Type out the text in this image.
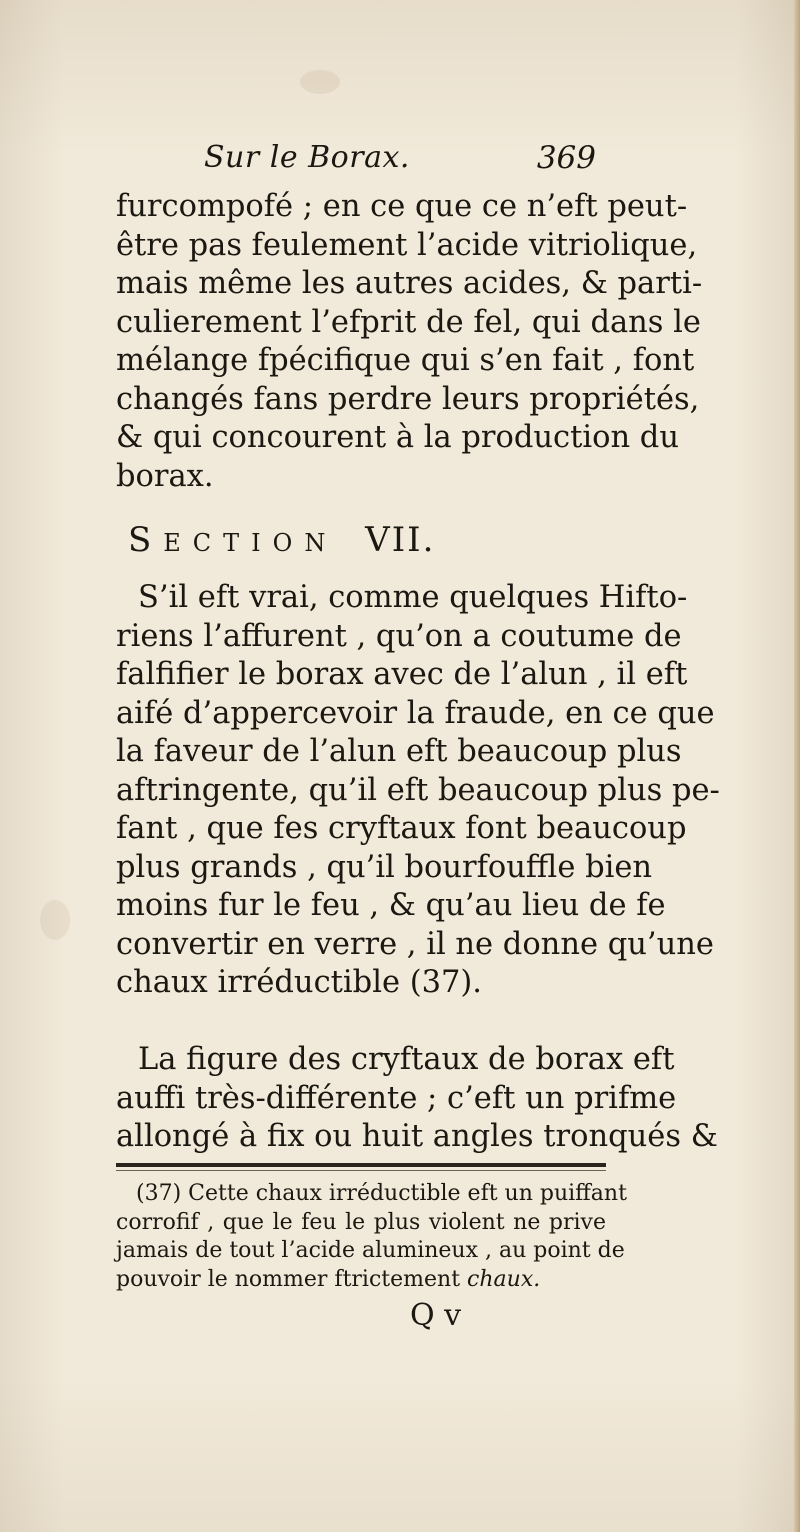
Sur le Borax.	369
furcompofé ; en ce que ce n’eft peut-
être pas feulement l’acide vitriolique,
mais même les autres acides, & parti-
culierement l’efprit de fel, qui dans le
mélange fpécifique qui s’en fait , font
changés fans perdre leurs propriétés,
& qui concourent à la production du
borax.
Section VII.
S’il eft vrai, comme quelques Hifto-
riens l’affurent , qu’on a coutume de
falfifier le borax avec de l’alun , il eft
aifé d’appercevoir la fraude, en ce que
la faveur de l’alun eft beaucoup plus
aftringente, qu’il eft beaucoup plus pe-
fant , que fes cryftaux font beaucoup
plus grands , qu’il bourfouffle bien
moins fur le feu , & qu’au lieu de fe
convertir en verre , il ne donne qu’une
chaux irréductible (37).
La figure des cryftaux de borax eft
auffi très-différente ; c’eft un prifme
allongé à fix ou huit angles tronqués &
(37) Cette chaux irréductible eft un puiffant
corrofif , que le feu le plus violent ne prive
jamais de tout l’acide alumineux , au point de
pouvoir le nommer ftrictement chaux.
Q v
